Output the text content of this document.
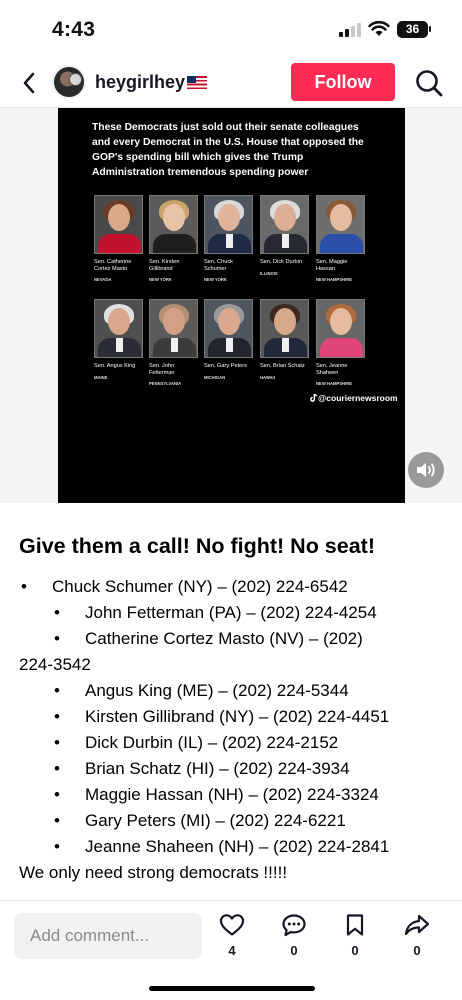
4:43	36
heygirlhey	Follow
These Democrats just sold out their senate colleagues and every Democrat in the U.S. House that opposed the GOP's spending bill which gives the Trump Administration tremendous spending power
Sen. Catherine Cortez Masto
NEVADA
Sen. Kirsten Gillibrand
NEW YORK
Sen. Chuck Schumer
NEW YORK
Sen. Dick Durbin
ILLINOIS
Sen. Maggie Hassan
NEW HAMPSHIRE
Sen. Angus King
MAINE
Sen. John Fetterman
PENNSYLVANIA
Sen. Gary Peters
MICHIGAN
Sen. Brian Schatz
HAWAII
Sen. Jeanne Shaheen
NEW HAMPSHIRE
@couriernewsroom
Give them a call! No fight! No seat!
• Chuck Schumer (NY) – (202) 224-6542
• John Fetterman (PA) – (202) 224-4254
• Catherine Cortez Masto (NV) – (202)
224-3542
• Angus King (ME) – (202) 224-5344
• Kirsten Gillibrand (NY) – (202) 224-4451
• Dick Durbin (IL) – (202) 224-2152
• Brian Schatz (HI) – (202) 224-3934
• Maggie Hassan (NH) – (202) 224-3324
• Gary Peters (MI) – (202) 224-6221
• Jeanne Shaheen (NH) – (202) 224-2841
We only need strong democrats !!!!!
Add comment...
4	0	0	0
